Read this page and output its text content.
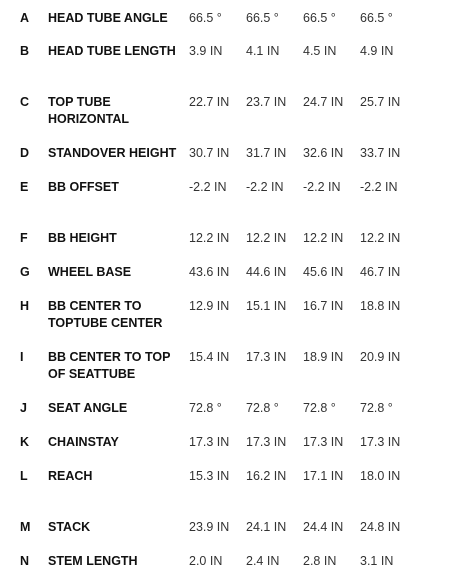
A HEAD TUBE ANGLE 66.5 ° 66.5 ° 66.5 ° 66.5 °
B HEAD TUBE LENGTH 3.9 IN 4.1 IN 4.5 IN 4.9 IN
C TOP TUBE
HORIZONTAL
22.7 IN 23.7 IN 24.7 IN 25.7 IN
D STANDOVER HEIGHT 30.7 IN 31.7 IN 32.6 IN 33.7 IN
E BB OFFSET	-2.2 IN -2.2 IN -2.2 IN -2.2 IN
F BB HEIGHT	12.2 IN 12.2 IN 12.2 IN 12.2 IN
G WHEEL BASE	43.6 IN 44.6 IN 45.6 IN 46.7 IN
H BB CENTER TO
TOPTUBE CENTER
12.9 IN 15.1 IN 16.7 IN 18.8 IN
I BB CENTER TO TOP
OF SEATTUBE
15.4 IN 17.3 IN 18.9 IN 20.9 IN
J SEAT ANGLE	72.8 ° 72.8 ° 72.8 ° 72.8 °
K CHAINSTAY	17.3 IN 17.3 IN 17.3 IN 17.3 IN
L REACH	15.3 IN 16.2 IN 17.1 IN 18.0 IN
M STACK	23.9 IN 24.1 IN 24.4 IN 24.8 IN
N STEM LENGTH	2.0 IN 2.4 IN 2.8 IN 3.1 IN
